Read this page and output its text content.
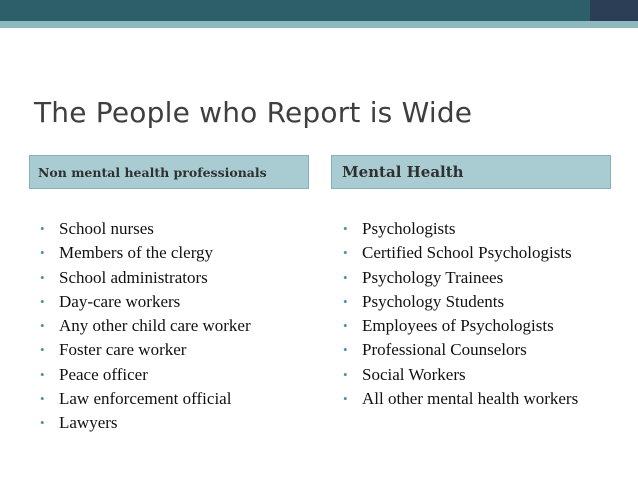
The People who Report is Wide
Non mental health professionals	Mental Health
• School nurses
• Members of the clergy
• School administrators
• Day-care workers
• Any other child care worker
• Foster care worker
• Peace officer
• Law enforcement official
• Lawyers
• Psychologists
• Certified School Psychologists
• Psychology Trainees
• Psychology Students
• Employees of Psychologists
• Professional Counselors
• Social Workers
• All other mental health workers
